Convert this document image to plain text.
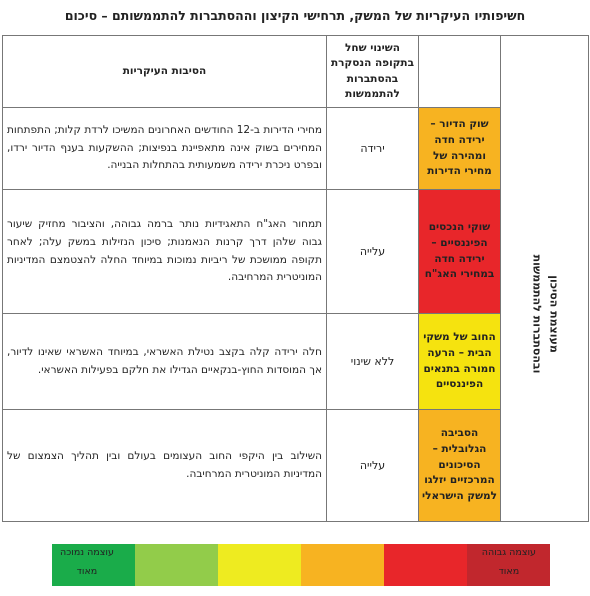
חשיפותיו העיקריות של המשק, תרחישי הקיצון וההסתברות להתממשותם – סיכום
		השינוי שחל בתקופה הנסקרת בהסתברות להתממשות	הסיבות העיקריות

מעוצמת הסיכון
ובהסתברות להתממשות	שוק הדיור – ירידה חדה ומהירה של מחירי הדירות	ירידה	מחירי הדירות ב-12 החודשים האחרונים המשיכו לרדת קלות; התפתחות המחירים בשוק אינה מתאפיינת בנפיצות; ההשקעות בענף הדיור ירדו, ובפרט ניכרת ירידה משמעותית בהתחלות הבנייה.
	שוקי הנכסים הפיננסיים – ירידה חדה במחירי האג"ח	עלייה	תמחור האג"ח התאגידיות נותר ברמה גבוהה, והציבור מחזיק שיעור גבוה שלהן דרך קרנות הנאמנות; סיכון הנזילות במשק עלה; לאחר תקופה ממושכת של ריביות נמוכות במיוחד החלה להצטמצם המדיניות המוניטרית המרחיבה.
	החוב של משקי הבית – הרעה חמורה בתנאים הפיננסיים	ללא שינוי	חלה ירידה קלה בקצב נטילת האשראי, במיוחד האשראי שאינו לדיור, אך המוסדות החוץ-בנקאיים הגדילו את חלקם בפעילות האשראי.
	הסביבה הגלובלית – הסיכונים המרכזיים יזלגו למשק הישראלי	עלייה	השילוב בין היקפי החוב העצומים בעולם ובין תהליך הצמצום של המדיניות המוניטרית המרחיבה.
עוצמה נמוכה
מאוד
עוצמה גבוהה
מאוד
